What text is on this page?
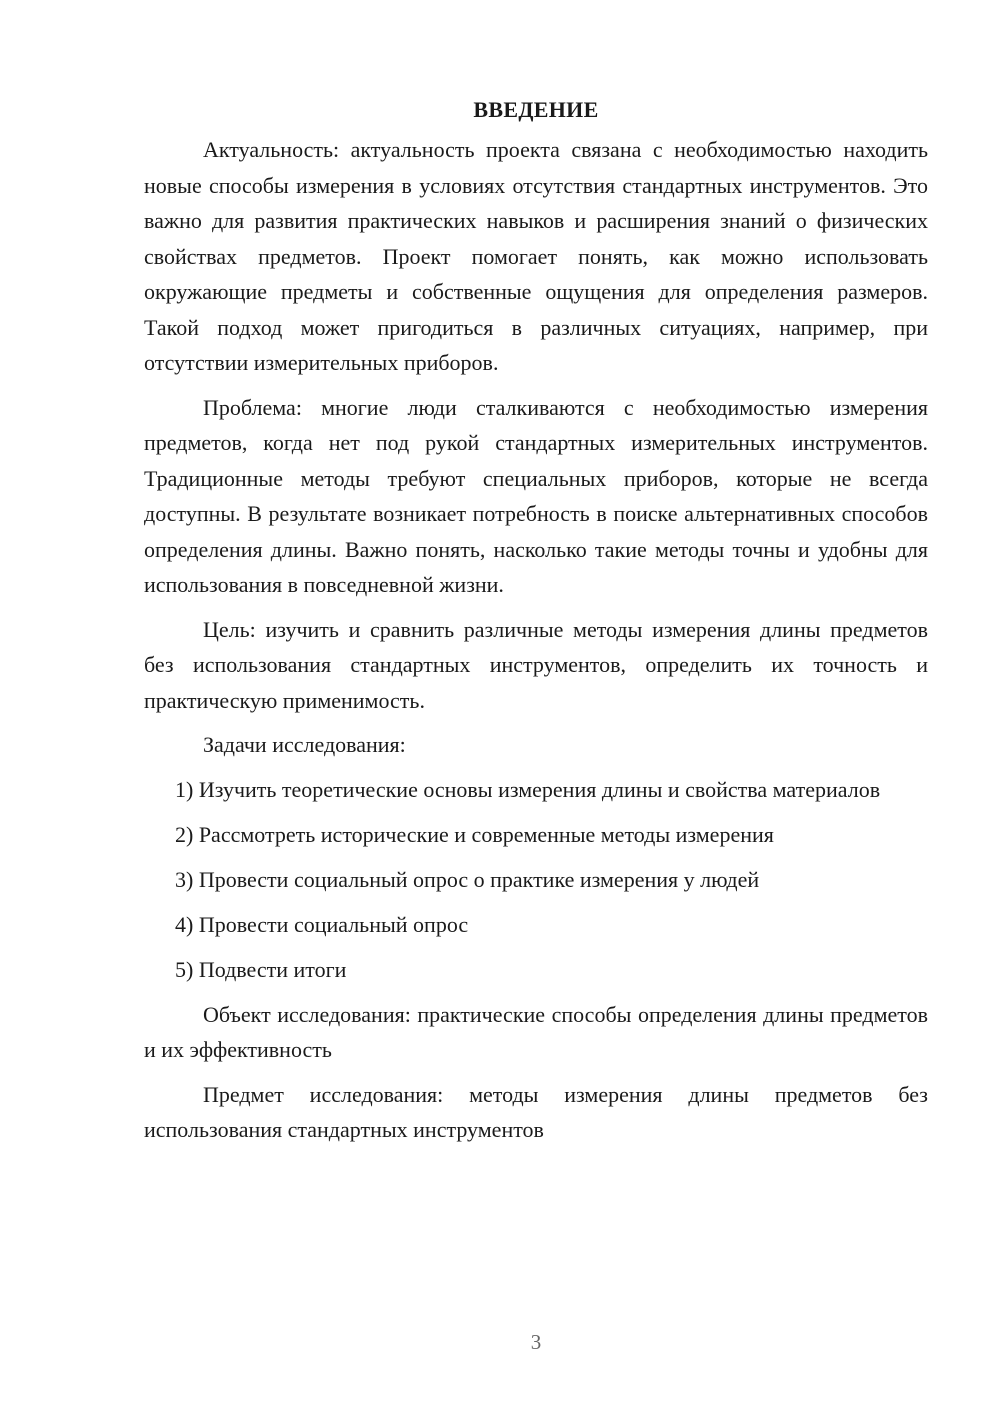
ВВЕДЕНИЕ

Актуальность: актуальность проекта связана с необходимостью находить новые способы измерения в условиях отсутствия стандартных инструментов. Это важно для развития практических навыков и расширения знаний о физических свойствах предметов. Проект помогает понять, как можно использовать окружающие предметы и собственные ощущения для определения размеров. Такой подход может пригодиться в различных ситуациях, например, при отсутствии измерительных приборов.

Проблема: многие люди сталкиваются с необходимостью измерения предметов, когда нет под рукой стандартных измерительных инструментов. Традиционные методы требуют специальных приборов, которые не всегда доступны. В результате возникает потребность в поиске альтернативных способов определения длины. Важно понять, насколько такие методы точны и удобны для использования в повседневной жизни.

Цель: изучить и сравнить различные методы измерения длины предметов без использования стандартных инструментов, определить их точность и практическую применимость.

Задачи исследования:

1) Изучить теоретические основы измерения длины и свойства материалов

2) Рассмотреть исторические и современные методы измерения

3) Провести социальный опрос о практике измерения у людей

4) Провести социальный опрос

5) Подвести итоги

Объект исследования: практические способы определения длины предметов и их эффективность

Предмет исследования: методы измерения длины предметов без использования стандартных инструментов

3
